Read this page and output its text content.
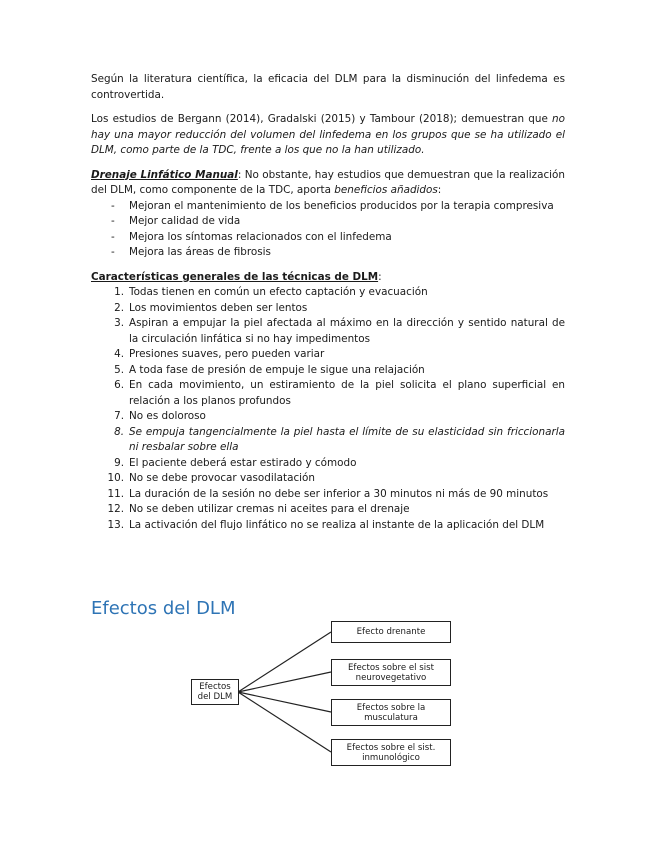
Según la literatura científica, la eficacia del DLM para la disminución del linfedema es controvertida.

Los estudios de Bergann (2014), Gradalski (2015) y Tambour (2018); demuestran que no hay una mayor reducción del volumen del linfedema en los grupos que se ha utilizado el DLM, como parte de la TDC, frente a los que no la han utilizado.

Drenaje Linfático Manual: No obstante, hay estudios que demuestran que la realización del DLM, como componente de la TDC, aporta beneficios añadidos:

- Mejoran el mantenimiento de los beneficios producidos por la terapia compresiva
- Mejor calidad de vida
- Mejora los síntomas relacionados con el linfedema
- Mejora las áreas de fibrosis

Características generales de las técnicas de DLM:

1. Todas tienen en común un efecto captación y evacuación
2. Los movimientos deben ser lentos
3. Aspiran a empujar la piel afectada al máximo en la dirección y sentido natural de la circulación linfática si no hay impedimentos
4. Presiones suaves, pero pueden variar
5. A toda fase de presión de empuje le sigue una relajación
6. En cada movimiento, un estiramiento de la piel solicita el plano superficial en relación a los planos profundos
7. No es doloroso
8. Se empuja tangencialmente la piel hasta el límite de su elasticidad sin friccionarla ni resbalar sobre ella
9. El paciente deberá estar estirado y cómodo
10. No se debe provocar vasodilatación
11. La duración de la sesión no debe ser inferior a 30 minutos ni más de 90 minutos
12. No se deben utilizar cremas ni aceites para el drenaje
13. La activación del flujo linfático no se realiza al instante de la aplicación del DLM
Efectos del DLM
Efectos del DLM
Efecto drenante
Efectos sobre el sist neurovegetativo
Efectos sobre la musculatura
Efectos sobre el sist. inmunológico
